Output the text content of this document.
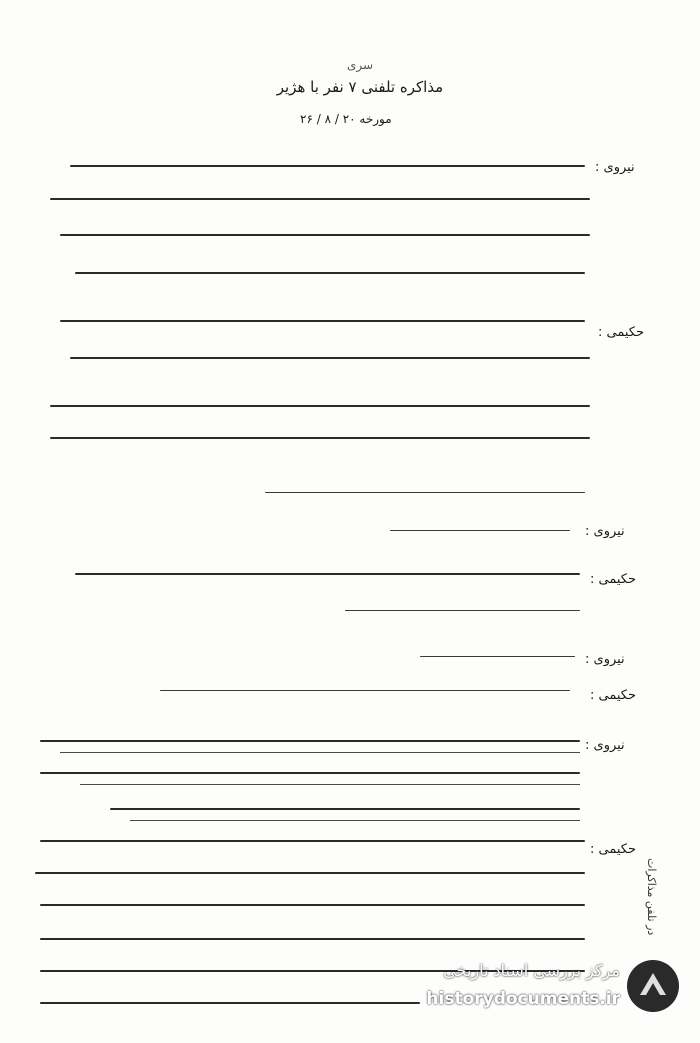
سری
مذاکره تلفنی ۷ نفر با هژیر
مورخه ۲۰ / ۸ / ۲۶
نیروی :
حکیمی :
نیروی :
حکیمی :
نیروی :
حکیمی :
نیروی :
حکیمی :
در تلفن مذاکرات
مرکز بررسی اسناد تاریخی
historydocuments.ir
